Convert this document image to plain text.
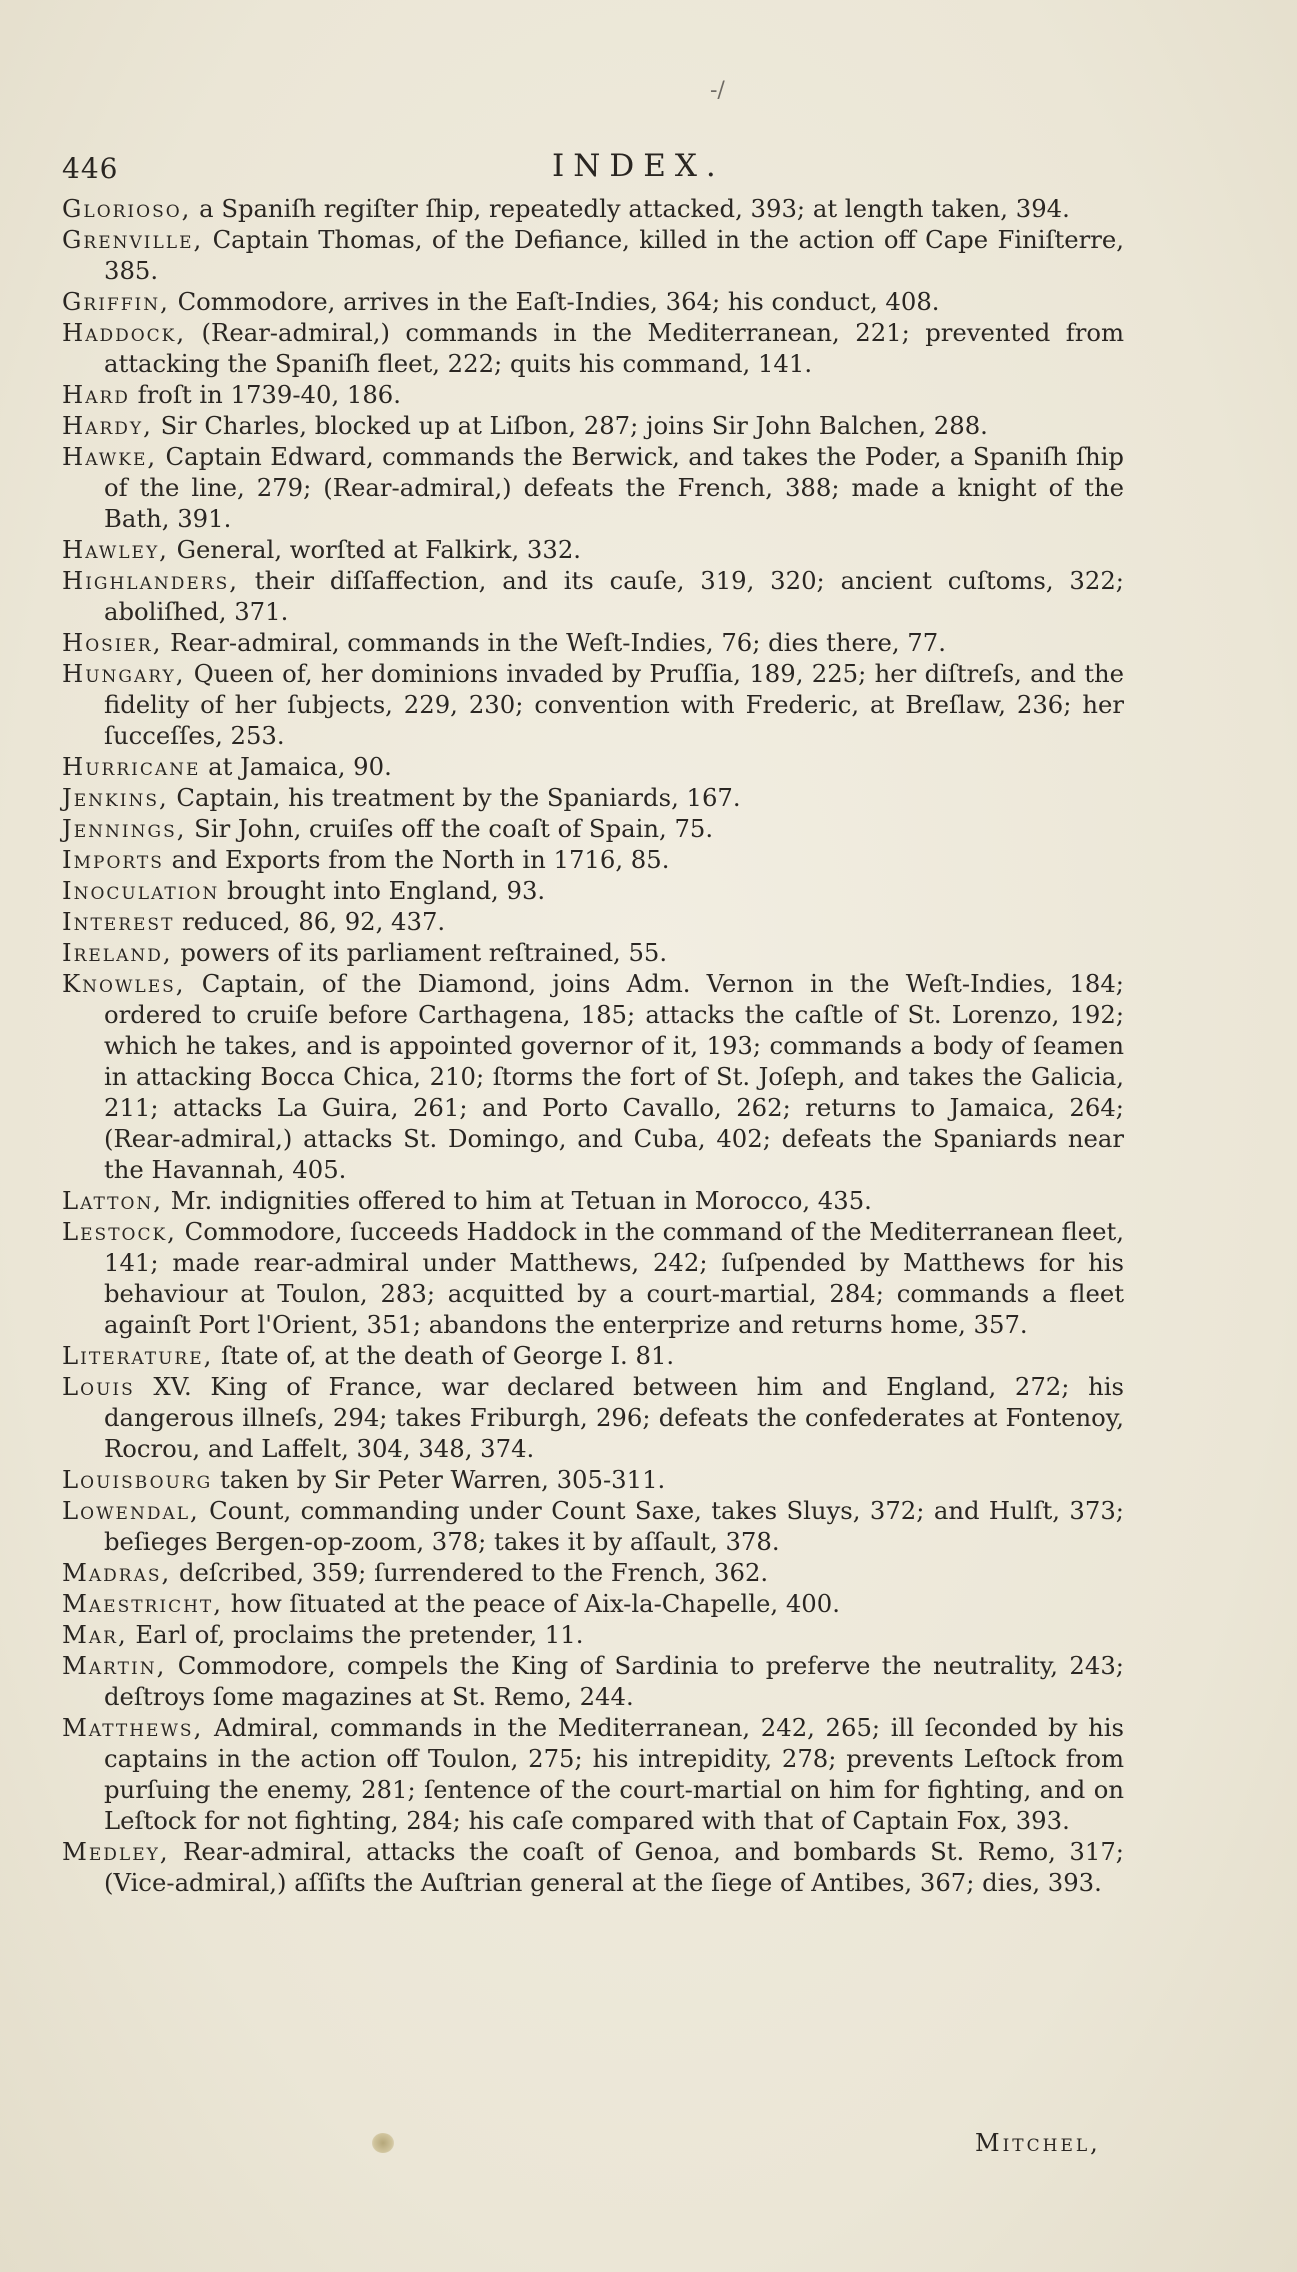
-/
446	INDEX.

Glorioso, a Spaniſh regiſter ſhip, repeatedly attacked, 393; at length taken, 394.

Grenville, Captain Thomas, of the Defiance, killed in the action off Cape Finiſterre, 385.

Griffin, Commodore, arrives in the Eaſt-Indies, 364; his conduct, 408.

Haddock, (Rear-admiral,) commands in the Mediterranean, 221; prevented from attacking the Spaniſh fleet, 222; quits his command, 141.

Hard froſt in 1739-40, 186.

Hardy, Sir Charles, blocked up at Liſbon, 287; joins Sir John Balchen, 288.

Hawke, Captain Edward, commands the Berwick, and takes the Poder, a Spaniſh ſhip of the line, 279; (Rear-admiral,) defeats the French, 388; made a knight of the Bath, 391.

Hawley, General, worſted at Falkirk, 332.

Highlanders, their diſſaffection, and its cauſe, 319, 320; ancient cuſtoms, 322; aboliſhed, 371.

Hosier, Rear-admiral, commands in the Weſt-Indies, 76; dies there, 77.

Hungary, Queen of, her dominions invaded by Pruſſia, 189, 225; her diſtreſs, and the fidelity of her ſubjects, 229, 230; convention with Frederic, at Breſlaw, 236; her ſucceſſes, 253.

Hurricane at Jamaica, 90.

Jenkins, Captain, his treatment by the Spaniards, 167.

Jennings, Sir John, cruiſes off the coaſt of Spain, 75.

Imports and Exports from the North in 1716, 85.

Inoculation brought into England, 93.

Interest reduced, 86, 92, 437.

Ireland, powers of its parliament reſtrained, 55.

Knowles, Captain, of the Diamond, joins Adm. Vernon in the Weſt-Indies, 184; ordered to cruiſe before Carthagena, 185; attacks the caſtle of St. Lorenzo, 192; which he takes, and is appointed governor of it, 193; commands a body of ſeamen in attacking Bocca Chica, 210; ſtorms the fort of St. Joſeph, and takes the Galicia, 211; attacks La Guira, 261; and Porto Cavallo, 262; returns to Jamaica, 264; (Rear-admiral,) attacks St. Domingo, and Cuba, 402; defeats the Spaniards near the Havannah, 405.

Latton, Mr. indignities offered to him at Tetuan in Morocco, 435.

Lestock, Commodore, ſucceeds Haddock in the command of the Mediterranean fleet, 141; made rear-admiral under Matthews, 242; ſuſpended by Matthews for his behaviour at Toulon, 283; acquitted by a court-martial, 284; commands a fleet againſt Port l'Orient, 351; abandons the enterprize and returns home, 357.

Literature, ſtate of, at the death of George I. 81.

Louis XV. King of France, war declared between him and England, 272; his dangerous illneſs, 294; takes Friburgh, 296; defeats the confederates at Fontenoy, Rocrou, and Laffelt, 304, 348, 374.

Louisbourg taken by Sir Peter Warren, 305-311.

Lowendal, Count, commanding under Count Saxe, takes Sluys, 372; and Hulſt, 373; beſieges Bergen-op-zoom, 378; takes it by aſſault, 378.

Madras, deſcribed, 359; ſurrendered to the French, 362.

Maestricht, how ſituated at the peace of Aix-la-Chapelle, 400.

Mar, Earl of, proclaims the pretender, 11.

Martin, Commodore, compels the King of Sardinia to preferve the neutrality, 243; deſtroys ſome magazines at St. Remo, 244.

Matthews, Admiral, commands in the Mediterranean, 242, 265; ill ſeconded by his captains in the action off Toulon, 275; his intrepidity, 278; prevents Leſtock from purſuing the enemy, 281; ſentence of the court-martial on him for fighting, and on Leſtock for not fighting, 284; his caſe compared with that of Captain Fox, 393.

Medley, Rear-admiral, attacks the coaſt of Genoa, and bombards St. Remo, 317; (Vice-admiral,) aſſiſts the Auſtrian general at the ſiege of Antibes, 367; dies, 393.

Mitchel,
